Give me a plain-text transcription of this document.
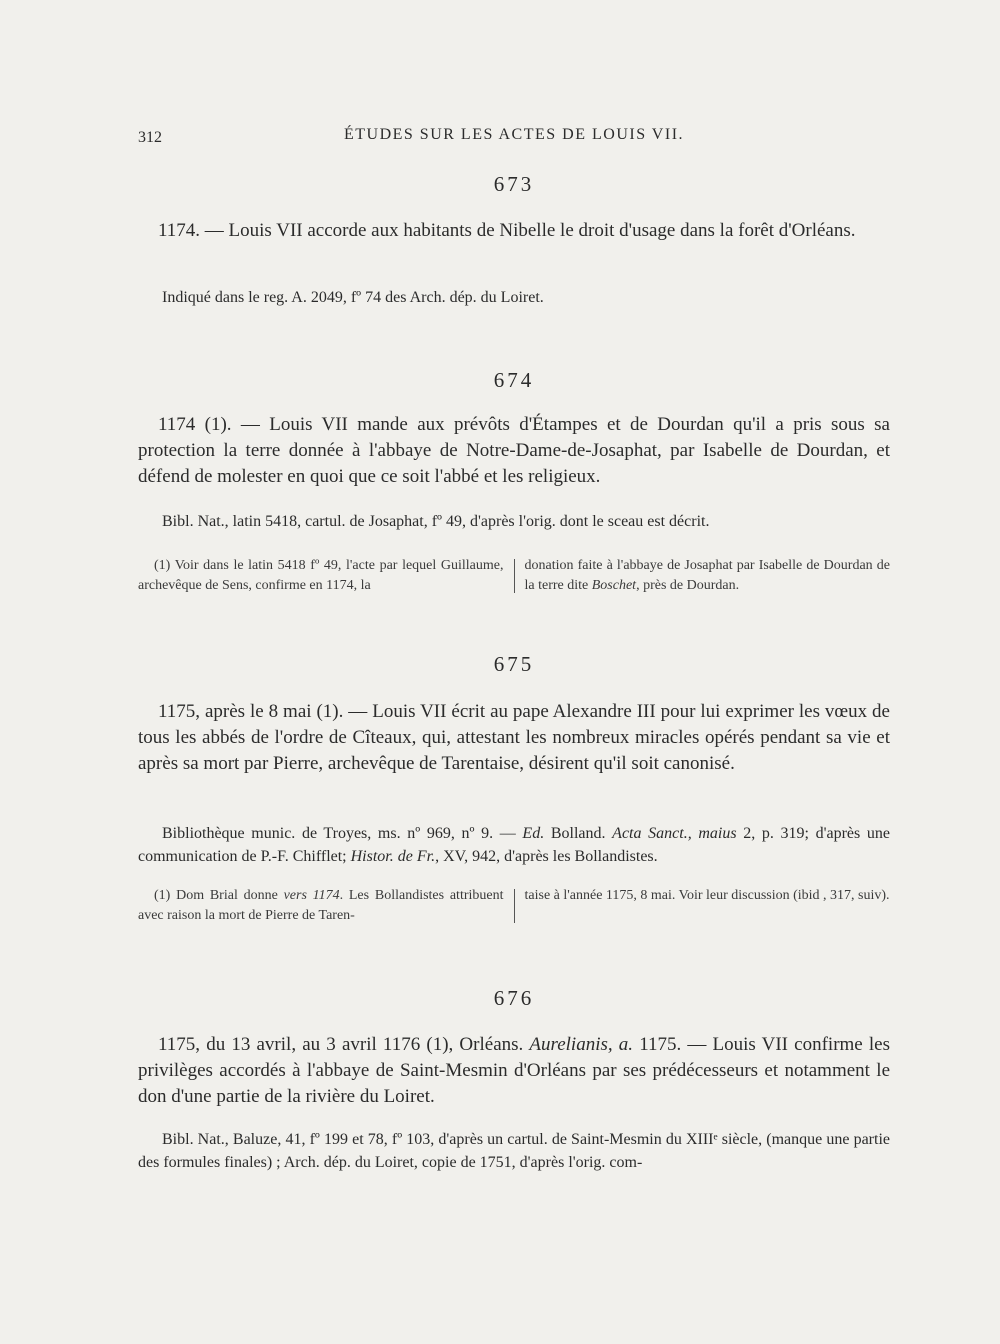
312	ÉTUDES SUR LES ACTES DE LOUIS VII.
673

1174. — Louis VII accorde aux habitants de Nibelle le droit d'usage dans la forêt d'Orléans.

Indiqué dans le reg. A. 2049, fº 74 des Arch. dép. du Loiret.

674

1174 (1). — Louis VII mande aux prévôts d'Étampes et de Dourdan qu'il a pris sous sa protection la terre donnée à l'abbaye de Notre-Dame-de-Josaphat, par Isabelle de Dourdan, et défend de molester en quoi que ce soit l'abbé et les religieux.

Bibl. Nat., latin 5418, cartul. de Josaphat, fº 49, d'après l'orig. dont le sceau est décrit.

(1) Voir dans le latin 5418 fº 49, l'acte par lequel Guillaume, archevêque de Sens, confirme en 1174, la
donation faite à l'abbaye de Josaphat par Isabelle de Dourdan de la terre dite Boschet, près de Dourdan.
675

1175, après le 8 mai (1). — Louis VII écrit au pape Alexandre III pour lui exprimer les vœux de tous les abbés de l'ordre de Cîteaux, qui, attestant les nombreux miracles opérés pendant sa vie et après sa mort par Pierre, archevêque de Tarentaise, désirent qu'il soit canonisé.

Bibliothèque munic. de Troyes, ms. nº 969, nº 9. — Ed. Bolland. Acta Sanct., maius 2, p. 319; d'après une communication de P.-F. Chifflet; Histor. de Fr., XV, 942, d'après les Bollandistes.

(1) Dom Brial donne vers 1174. Les Bollandistes attribuent avec raison la mort de Pierre de Taren-
taise à l'année 1175, 8 mai. Voir leur discussion (ibid , 317, suiv).
676

1175, du 13 avril, au 3 avril 1176 (1), Orléans. Aurelianis, a. 1175. — Louis VII confirme les privilèges accordés à l'abbaye de Saint-Mesmin d'Orléans par ses prédécesseurs et notamment le don d'une partie de la rivière du Loiret.

Bibl. Nat., Baluze, 41, fº 199 et 78, fº 103, d'après un cartul. de Saint-Mesmin du XIIIᵉ siècle, (manque une partie des formules finales) ; Arch. dép. du Loiret, copie de 1751, d'après l'orig. com-
